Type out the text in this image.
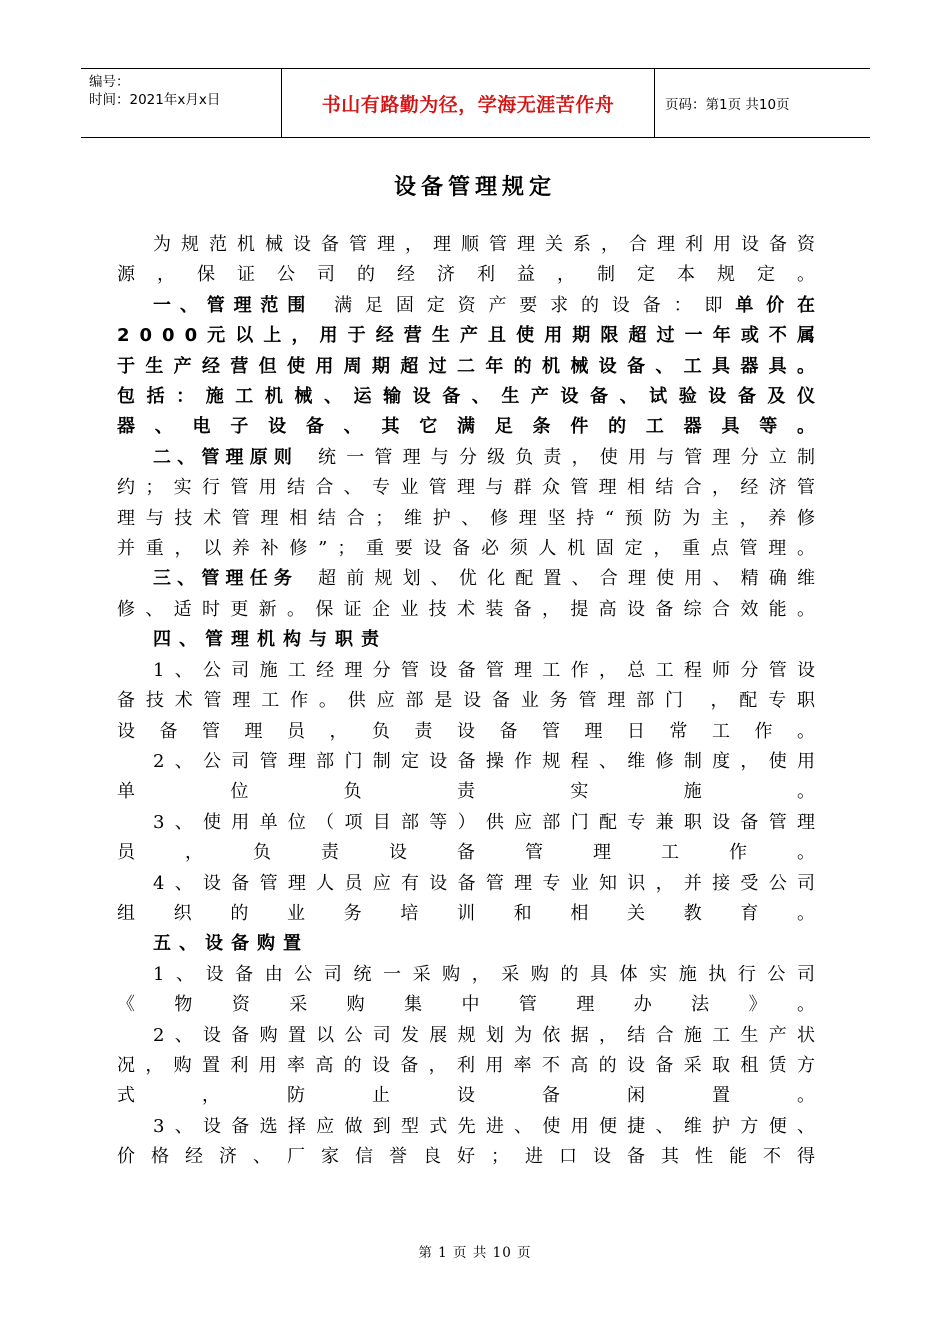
编号：
时间：2021年x月x日	书山有路勤为径，学海无涯苦作舟	页码：第1页 共10页
设备管理规定

为规范机械设备管理，理顺管理关系，合理利用设备资源，保证公司的经济利益，制定本规定。

一、管理范围 满足固定资产要求的设备：即单价在2000元以上，用于经营生产且使用期限超过一年或不属于生产经营但使用周期超过二年的机械设备、工具器具。包括：施工机械、运输设备、生产设备、试验设备及仪器、电子设备、其它满足条件的工器具等。

二、管理原则 统一管理与分级负责，使用与管理分立制约；实行管用结合、专业管理与群众管理相结合，经济管理与技术管理相结合；维护、修理坚持“预防为主，养修并重，以养补修”；重要设备必须人机固定，重点管理。

三、管理任务 超前规划、优化配置、合理使用、精确维修、适时更新。保证企业技术装备，提高设备综合效能。

四、管理机构与职责

1、公司施工经理分管设备管理工作，总工程师分管设备技术管理工作。供应部是设备业务管理部门 ，配专职设备管理员，负责设备管理日常工作。

2、公司管理部门制定设备操作规程、维修制度，使用单位负责实施。

3、使用单位（项目部等）供应部门配专兼职设备管理员，负责设备管理工作。

4、设备管理人员应有设备管理专业知识，并接受公司组织的业务培训和相关教育。

五、设备购置

1、设备由公司统一采购，采购的具体实施执行公司《物资采购集中管理办法》。

2、设备购置以公司发展规划为依据，结合施工生产状况，购置利用率高的设备，利用率不高的设备采取租赁方式，防止设备闲置。

3、设备选择应做到型式先进、使用便捷、维护方便、价格经济、厂家信誉良好；进口设备其性能不得

第 1 页 共 10 页
